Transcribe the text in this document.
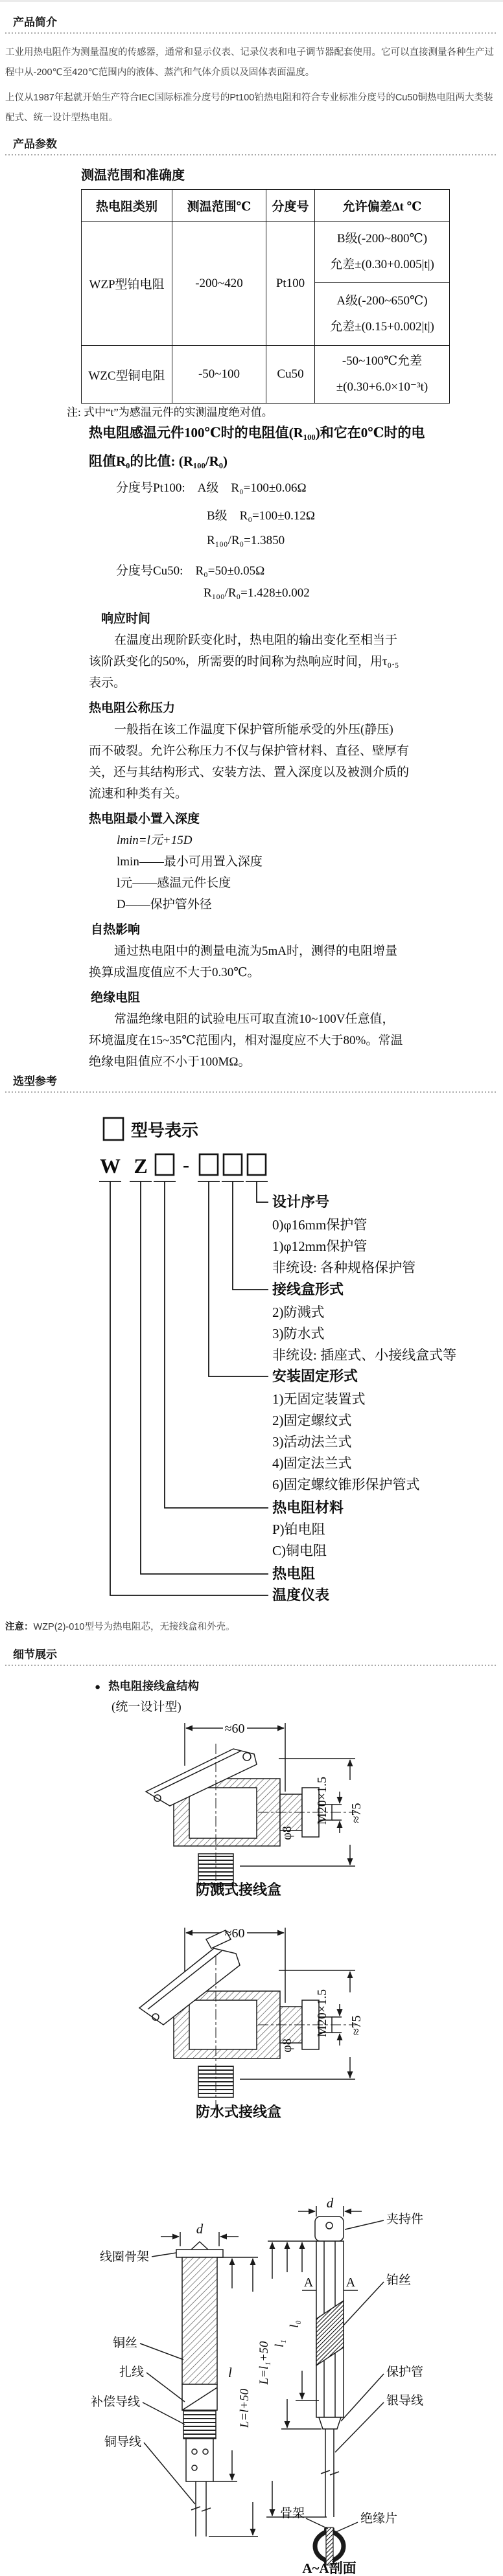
产品简介
工业用热电阻作为测量温度的传感器，通常和显示仪表、记录仪表和电子调节器配套使用。它可以直接测量各种生产过程中从-200℃至420℃范围内的液体、蒸汽和气体介质以及固体表面温度。
上仪从1987年起就开始生产符合IEC国际标准分度号的Pt100铂热电阻和符合专业标准分度号的Cu50铜热电阻两大类装配式、统一设计型热电阻。
产品参数
测温范围和准确度
热电阻类别	测温范围℃	分度号	允许偏差Δt ℃
WZP型铂电阻	-200~420	Pt100	B级(-200~800℃)
允差±(0.30+0.005|t|)

			A级(-200~650℃)
允差±(0.15+0.002|t|)

WZC型铜电阻	-50~100	Cu50	-50~100℃允差
±(0.30+6.0×10⁻³t)
注: 式中“t”为感温元件的实测温度绝对值。
热电阻感温元件100℃时的电阻值(R₁₀₀)和它在0℃时的电
阻值R₀的比值: (R₁₀₀/R₀)
分度号Pt100:　A级　R₀=100±0.06Ω
B级　R₀=100±0.12Ω
R₁₀₀/R₀=1.3850
分度号Cu50:　R₀=50±0.05Ω
R₁₀₀/R₀=1.428±0.002
响应时间
在温度出现阶跃变化时，热电阻的输出变化至相当于
该阶跃变化的50%，所需要的时间称为热响应时间，用τ₀.₅
表示。
热电阻公称压力
一般指在该工作温度下保护管所能承受的外压(静压)
而不破裂。允许公称压力不仅与保护管材料、直径、壁厚有
关，还与其结构形式、安装方法、置入深度以及被测介质的
流速和种类有关。
热电阻最小置入深度
lmin=l元+15D
lmin——最小可用置入深度
l元——感温元件长度
D——保护管外径
自热影响
通过热电阻中的测量电流为5mA时，测得的电阻增量
换算成温度值应不大于0.30℃。
绝缘电阻
常温绝缘电阻的试验电压可取直流10~100V任意值，
环境温度在15~35℃范围内，相对湿度应不大于80%。常温
绝缘电阻值应不小于100MΩ。
选型参考
型号表示
W Z -
设计序号
0)φ16mm保护管
1)φ12mm保护管
非统设: 各种规格保护管
接线盒形式
2)防溅式
3)防水式
非统设: 插座式、小接线盒式等
安装固定形式
1)无固定装置式
2)固定螺纹式
3)活动法兰式
4)固定法兰式
6)固定螺纹锥形保护管式
热电阻材料
P)铂电阻
C)铜电阻
热电阻
温度仪表
注意：WZP(2)-010型号为热电阻芯，无接线盒和外壳。
细节展示
● 热电阻接线盒结构
(统一设计型)
≈60
M20×1.5
φ8
≈75
防溅式接线盒
≈60
M20×1.5
φ8
≈75
防水式接线盒
d
l
L=l+50
线圈骨架
铜丝
扎线
补偿导线
铜导线
d
A	A
l₀
l₁
L=l₁+50
夹持件
铂丝
保护管
银导线
骨架	绝缘片
A~A剖面
